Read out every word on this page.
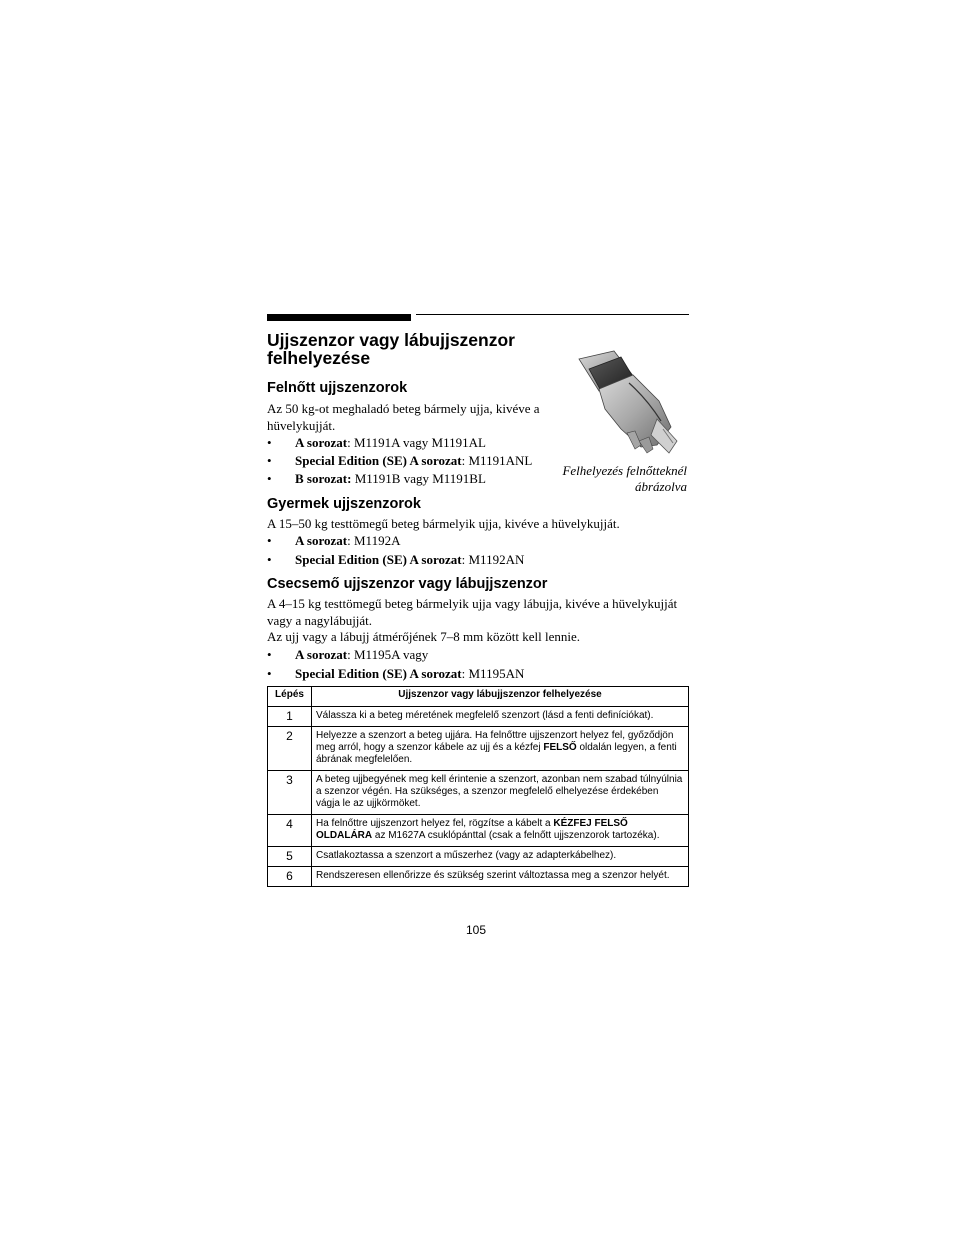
Ujjszenzor vagy lábujjszenzor felhelyezése
Felhelyezés felnőtteknél
ábrázolva
Felnőtt ujjszenzorok

Az 50 kg-ot meghaladó beteg bármely ujja, kivéve a hüvelykujját.

• A sorozat: M1191A vagy M1191AL
• Special Edition (SE) A sorozat: M1191ANL
• B sorozat: M1191B vagy M1191BL
Gyermek ujjszenzorok

A 15–50 kg testtömegű beteg bármelyik ujja, kivéve a hüvelykujját.

• A sorozat: M1192A
• Special Edition (SE) A sorozat: M1192AN
Csecsemő ujjszenzor vagy lábujjszenzor

A 4–15 kg testtömegű beteg bármelyik ujja vagy lábujja, kivéve a hüvelykujját vagy a nagylábujját.

Az ujj vagy a lábujj átmérőjének 7–8 mm között kell lennie.

• A sorozat: M1195A vagy
• Special Edition (SE) A sorozat: M1195AN
Lépés	Ujjszenzor vagy lábujjszenzor felhelyezése
1	Válassza ki a beteg méretének megfelelő szenzort (lásd a fenti definíciókat).
2	Helyezze a szenzort a beteg ujjára. Ha felnőttre ujjszenzort helyez fel, győződjön meg arról, hogy a szenzor kábele az ujj és a kézfej FELSŐ oldalán legyen, a fenti ábrának megfelelően.
3	A beteg ujjbegyének meg kell érintenie a szenzort, azonban nem szabad túlnyúlnia a szenzor végén. Ha szükséges, a szenzor megfelelő elhelyezése érdekében vágja le az ujjkörmöket.
4	Ha felnőttre ujjszenzort helyez fel, rögzítse a kábelt a KÉZFEJ FELSŐ OLDALÁRA az M1627A csuklópánttal (csak a felnőtt ujjszenzorok tartozéka).
5	Csatlakoztassa a szenzort a műszerhez (vagy az adapterkábelhez).
6	Rendszeresen ellenőrizze és szükség szerint változtassa meg a szenzor helyét.
105
